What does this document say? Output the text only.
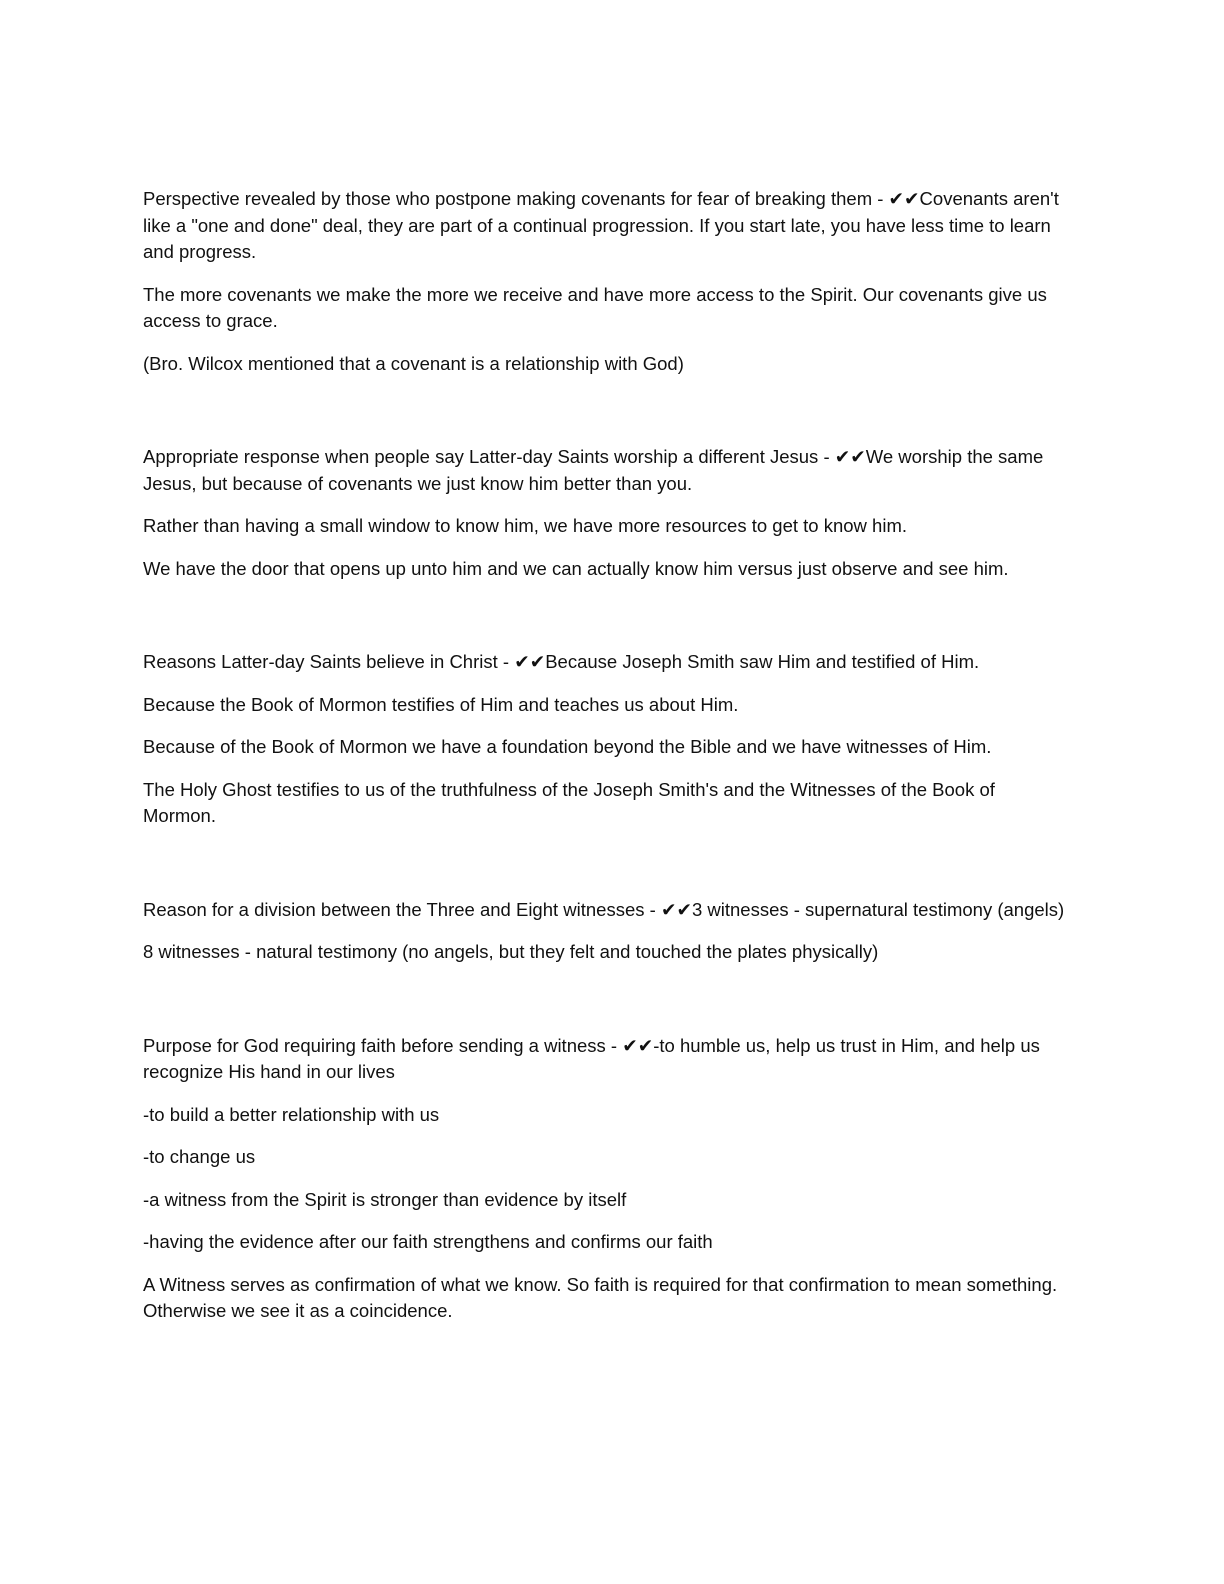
Perspective revealed by those who postpone making covenants for fear of breaking them - ✔✔Covenants aren't like a "one and done" deal, they are part of a continual progression. If you start late, you have less time to learn and progress.

The more covenants we make the more we receive and have more access to the Spirit. Our covenants give us access to grace.

(Bro. Wilcox mentioned that a covenant is a relationship with God)

Appropriate response when people say Latter-day Saints worship a different Jesus - ✔✔We worship the same Jesus, but because of covenants we just know him better than you.

Rather than having a small window to know him, we have more resources to get to know him.

We have the door that opens up unto him and we can actually know him versus just observe and see him.

Reasons Latter-day Saints believe in Christ - ✔✔Because Joseph Smith saw Him and testified of Him.

Because the Book of Mormon testifies of Him and teaches us about Him.

Because of the Book of Mormon we have a foundation beyond the Bible and we have witnesses of Him.

The Holy Ghost testifies to us of the truthfulness of the Joseph Smith's and the Witnesses of the Book of Mormon.

Reason for a division between the Three and Eight witnesses - ✔✔3 witnesses - supernatural testimony (angels)

8 witnesses - natural testimony (no angels, but they felt and touched the plates physically)

Purpose for God requiring faith before sending a witness - ✔✔-to humble us, help us trust in Him, and help us recognize His hand in our lives

-to build a better relationship with us

-to change us

-a witness from the Spirit is stronger than evidence by itself

-having the evidence after our faith strengthens and confirms our faith

A Witness serves as confirmation of what we know. So faith is required for that confirmation to mean something. Otherwise we see it as a coincidence.
